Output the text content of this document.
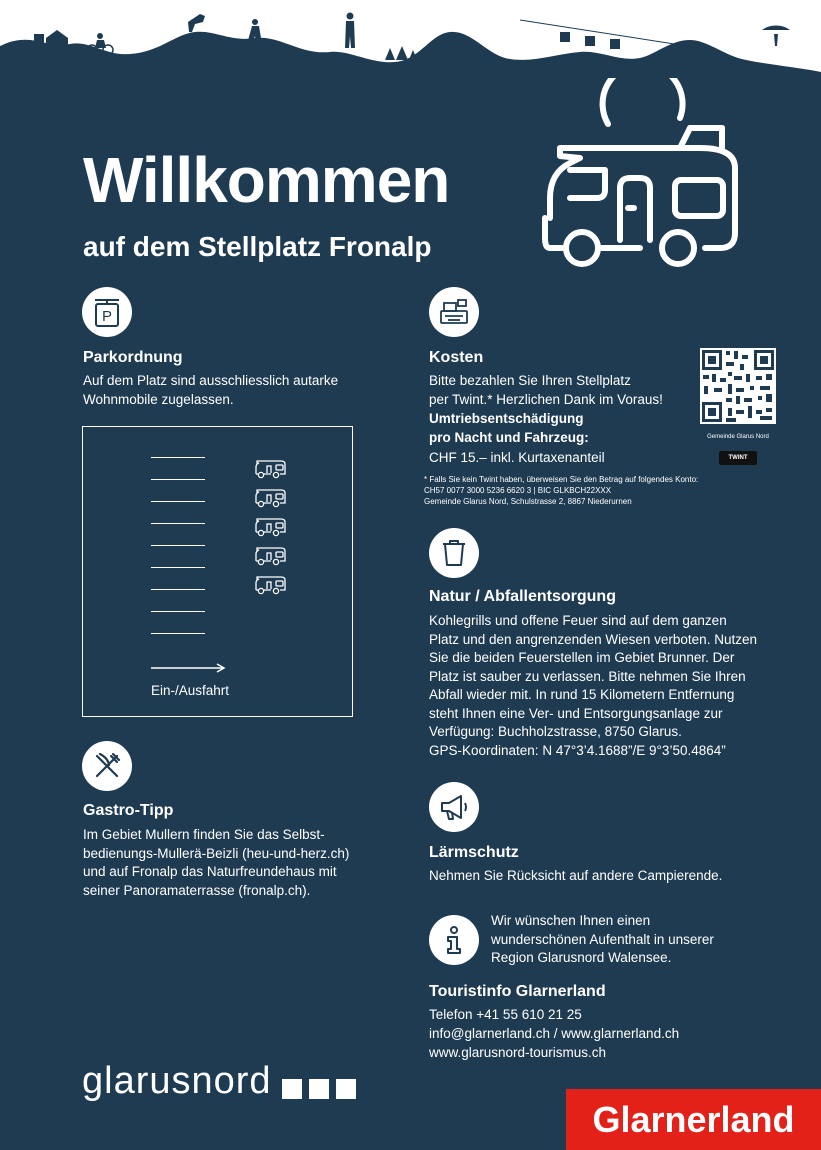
Willkommen
auf dem Stellplatz Fronalp
P
Parkordnung
Auf dem Platz sind ausschliesslich autarke
Wohnmobile zugelassen.
Ein-/Ausfahrt
Gastro-Tipp
Im Gebiet Mullern finden Sie das Selbst-
bedienungs-Mullerä-Beizli (heu-und-herz.ch)
und auf Fronalp das Naturfreundehaus mit
seiner Panoramaterrasse (fronalp.ch).
glarusnord
Kosten
Bitte bezahlen Sie Ihren Stellplatz
per Twint.* Herzlichen Dank im Voraus!
Umtriebsentschädigung
pro Nacht und Fahrzeug:
CHF 15.– inkl. Kurtaxenanteil
* Falls Sie kein Twint haben, überweisen Sie den Betrag auf folgendes Konto:
CH57 0077 3000 5236 6620 3 | BIC GLKBCH22XXX
Gemeinde Glarus Nord, Schulstrasse 2, 8867 Niederurnen
Gemeinde Glarus Nord
TWINT
Natur / Abfallentsorgung
Kohlegrills und offene Feuer sind auf dem ganzen
Platz und den angrenzenden Wiesen verboten. Nutzen
Sie die beiden Feuerstellen im Gebiet Brunner. Der
Platz ist sauber zu verlassen. Bitte nehmen Sie Ihren
Abfall wieder mit. In rund 15 Kilometern Entfernung
steht Ihnen eine Ver- und Entsorgungsanlage zur
Verfügung: Buchholzstrasse, 8750 Glarus.
GPS-Koordinaten: N 47°3’4.1688”/E 9°3’50.4864”
Lärmschutz
Nehmen Sie Rücksicht auf andere Campierende.
Wir wünschen Ihnen einen
wunderschönen Aufenthalt in unserer
Region Glarusnord Walensee.
Touristinfo Glarnerland
Telefon +41 55 610 21 25
info@glarnerland.ch / www.glarnerland.ch
www.glarusnord-tourismus.ch
Glarnerland
